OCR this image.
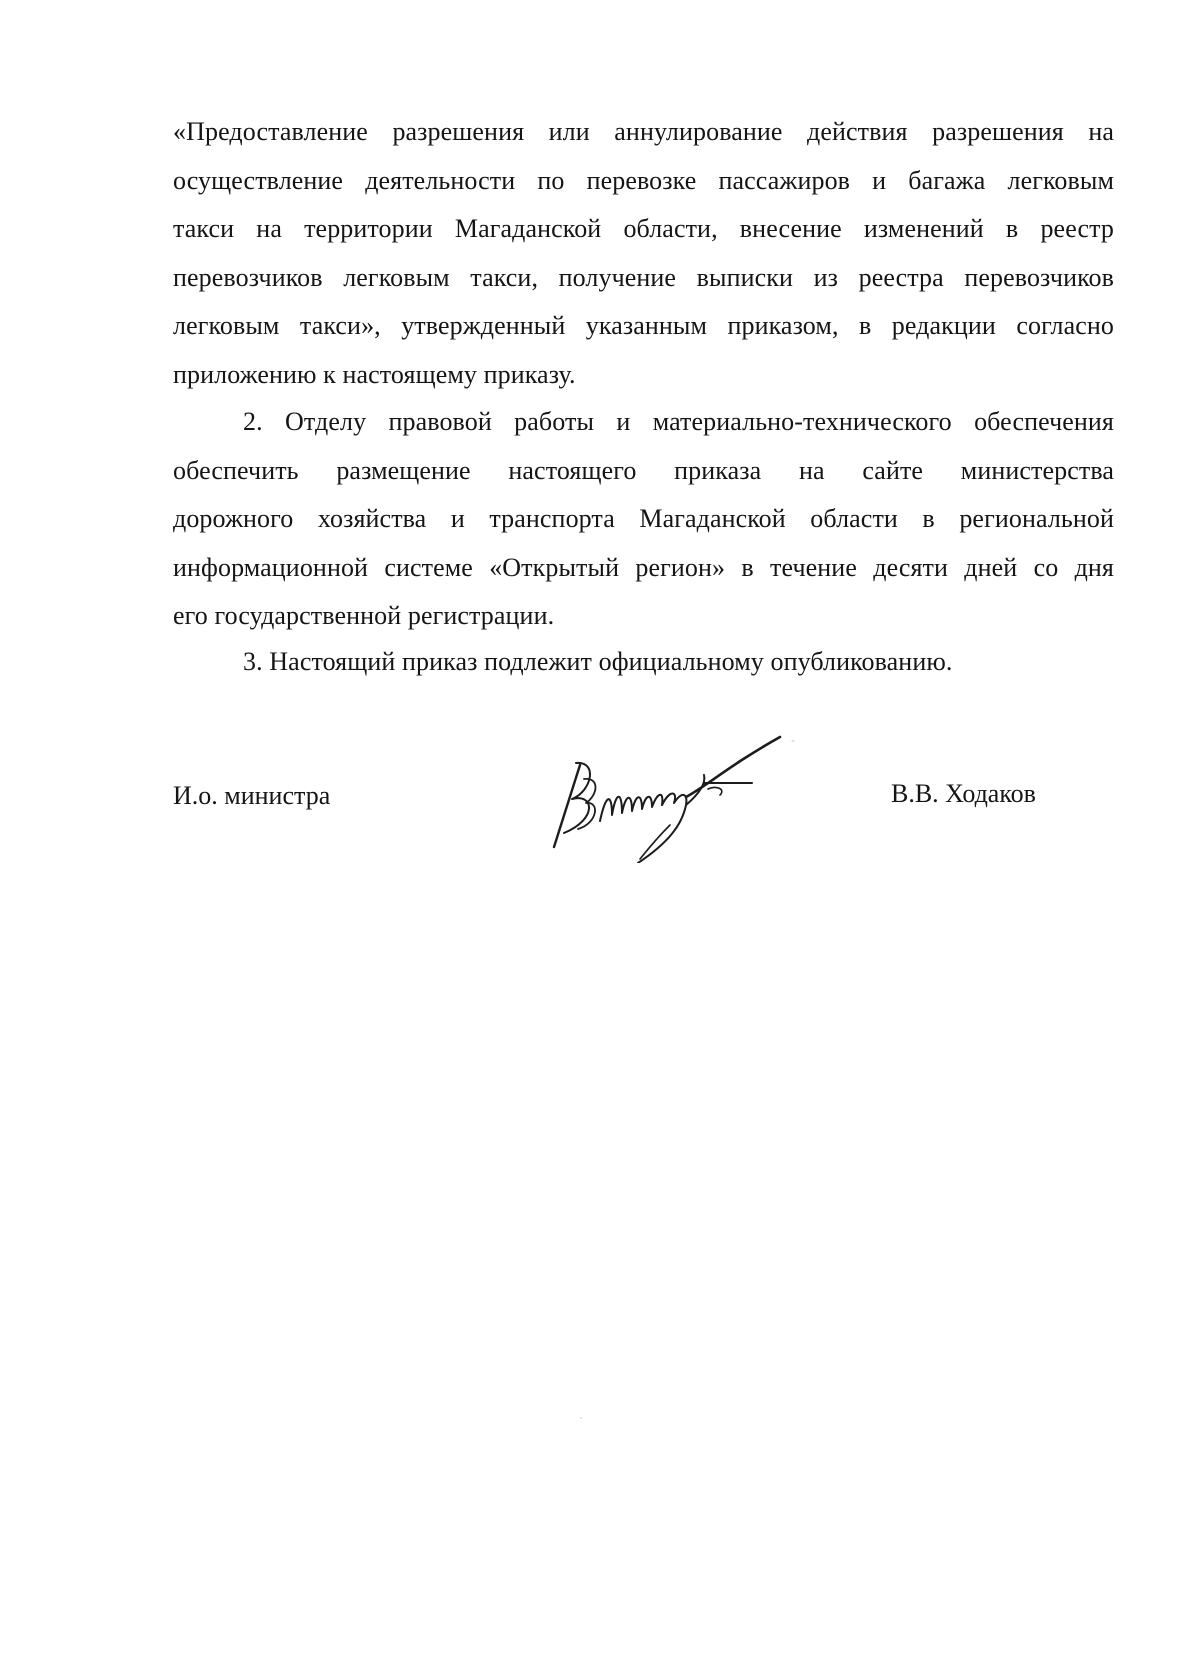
«Предоставление разрешения или аннулирование действия разрешения на
осуществление деятельности по перевозке пассажиров и багажа легковым
такси на территории Магаданской области, внесение изменений в реестр
перевозчиков легковым такси, получение выписки из реестра перевозчиков
легковым такси», утвержденный указанным приказом, в редакции согласно
приложению к настоящему приказу.
2. Отделу правовой работы и материально-технического обеспечения
обеспечить размещение настоящего приказа на сайте министерства
дорожного хозяйства и транспорта Магаданской области в региональной
информационной системе «Открытый регион» в течение десяти дней со дня
его государственной регистрации.
3. Настоящий приказ подлежит официальному опубликованию.
И.о. министра	В.В. Ходаков
